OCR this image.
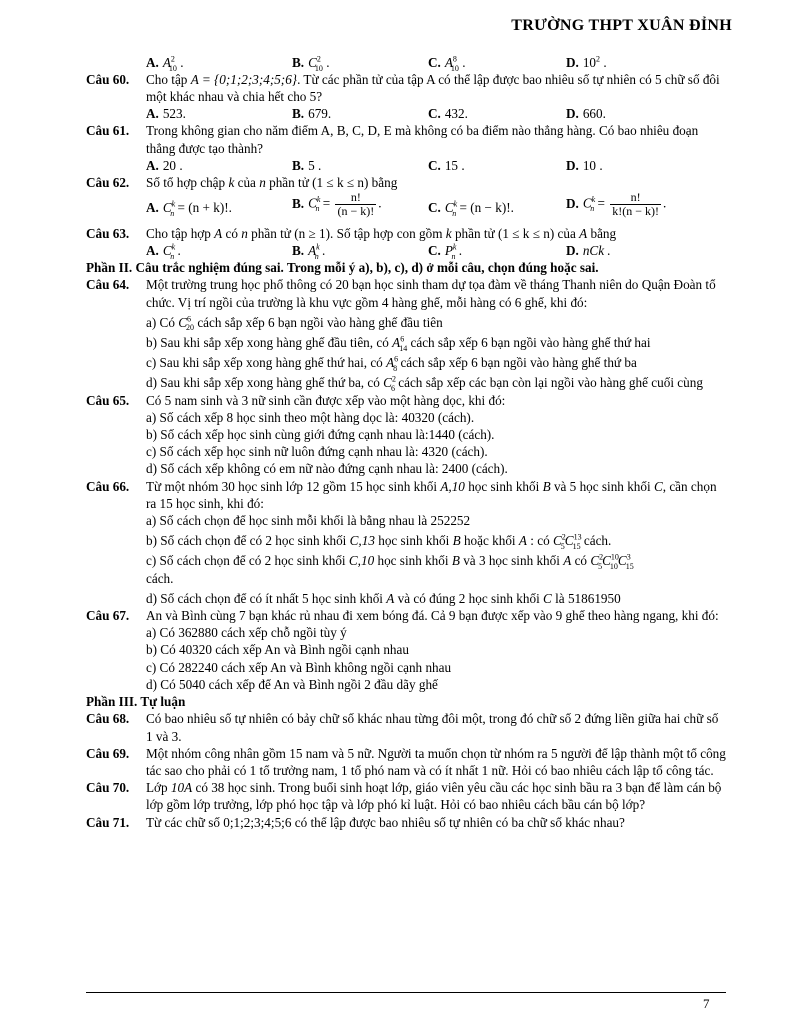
TRƯỜNG THPT XUÂN ĐỈNH
A. $A^2_{10}$ .	B. $C^2_{10}$ .	C. $A^8_{10}$ .	D. $10^2$ .

Câu 60. Cho tập A = {0;1;2;3;4;5;6}. Từ các phần tử của tập A có thể lập được bao nhiêu số tự nhiên có 5 chữ số đôi một khác nhau và chia hết cho 5?

A. 523.	B. 679.	C. 432.	D. 660.

Câu 61. Trong không gian cho năm điểm A, B, C, D, E mà không có ba điểm nào thẳng hàng. Có bao nhiêu đoạn thẳng được tạo thành?

A. 20 .	B. 5 .	C. 15 .	D. 10 .

Câu 62. Số tổ hợp chập k của n phần tử (1 ≤ k ≤ n) bằng

A. $C^k_n = (n + k)$!.	B. $C^k_n = \frac{n!}{(n - k)!}$ .	C. $C^k_n = (n - k)$!.	D. $C^k_n = \frac{n!}{k!(n - k)!}$ .

Câu 63. Cho tập hợp A có n phần tử (n ≥ 1). Số tập hợp con gồm k phần tử (1 ≤ k ≤ n) của A bằng

A. $C^k_n$ .	B. $A^k_n$ .	C. $P^k_n$ .	D. nCk .

Phần II. Câu trắc nghiệm đúng sai. Trong mỗi ý a), b), c), d) ở mỗi câu, chọn đúng hoặc sai.

Câu 64. Một trường trung học phổ thông có 20 bạn học sinh tham dự tọa đàm về tháng Thanh niên do Quận Đoàn tổ chức. Vị trí ngồi của trường là khu vực gồm 4 hàng ghế, mỗi hàng có 6 ghế, khi đó:

a) Có $C^6_{20}$ cách sắp xếp 6 bạn ngồi vào hàng ghế đầu tiên

b) Sau khi sắp xếp xong hàng ghế đầu tiên, có $A^6_{14}$ cách sắp xếp 6 bạn ngồi vào hàng ghế thứ hai

c) Sau khi sắp xếp xong hàng ghế thứ hai, có $A^6_8$ cách sắp xếp 6 bạn ngồi vào hàng ghế thứ ba

d) Sau khi sắp xếp xong hàng ghế thứ ba, có $C^2_6$ cách sắp xếp các bạn còn lại ngồi vào hàng ghế cuối cùng

Câu 65. Có 5 nam sinh và 3 nữ sinh cần được xếp vào một hàng dọc, khi đó:

a) Số cách xếp 8 học sinh theo một hàng dọc là: 40320 (cách).

b) Số cách xếp học sinh cùng giới đứng cạnh nhau là:1440 (cách).

c) Số cách xếp học sinh nữ luôn đứng cạnh nhau là: 4320 (cách).

d) Số cách xếp không có em nữ nào đứng cạnh nhau là: 2400 (cách).

Câu 66. Từ một nhóm 30 học sinh lớp 12 gồm 15 học sinh khối A,10 học sinh khối B và 5 học sinh khối C, cần chọn ra 15 học sinh, khi đó:

a) Số cách chọn để học sinh mỗi khối là bằng nhau là 252252

b) Số cách chọn để có 2 học sinh khối C,13 học sinh khối B hoặc khối A : có $C^2_5C^{13}_{15}$ cách.

c) Số cách chọn để có 2 học sinh khối C,10 học sinh khối B và 3 học sinh khối A có $C^2_5C^{10}_{10}C^3_{15}$
cách.

d) Số cách chọn để có ít nhất 5 học sinh khối A và có đúng 2 học sinh khối C là 51861950

Câu 67. An và Bình cùng 7 bạn khác rủ nhau đi xem bóng đá. Cả 9 bạn được xếp vào 9 ghế theo hàng ngang, khi đó:

a) Có 362880 cách xếp chỗ ngồi tùy ý

b) Có 40320 cách xếp An và Bình ngồi cạnh nhau

c) Có 282240 cách xếp An và Bình không ngồi cạnh nhau

d) Có 5040 cách xếp để An và Bình ngồi 2 đầu dãy ghế

Phần III. Tự luận

Câu 68. Có bao nhiêu số tự nhiên có bảy chữ số khác nhau từng đôi một, trong đó chữ số 2 đứng liền giữa hai chữ số 1 và 3.

Câu 69. Một nhóm công nhân gồm 15 nam và 5 nữ. Người ta muốn chọn từ nhóm ra 5 người để lập thành một tổ công tác sao cho phải có 1 tổ trưởng nam, 1 tổ phó nam và có ít nhất 1 nữ. Hỏi có bao nhiêu cách lập tổ công tác.

Câu 70. Lớp 10A có 38 học sinh. Trong buổi sinh hoạt lớp, giáo viên yêu cầu các học sinh bầu ra 3 bạn để làm cán bộ lớp gồm lớp trưởng, lớp phó học tập và lớp phó kỉ luật. Hỏi có bao nhiêu cách bầu cán bộ lớp?

Câu 71. Từ các chữ số 0;1;2;3;4;5;6 có thể lập được bao nhiêu số tự nhiên có ba chữ số khác nhau?

7
